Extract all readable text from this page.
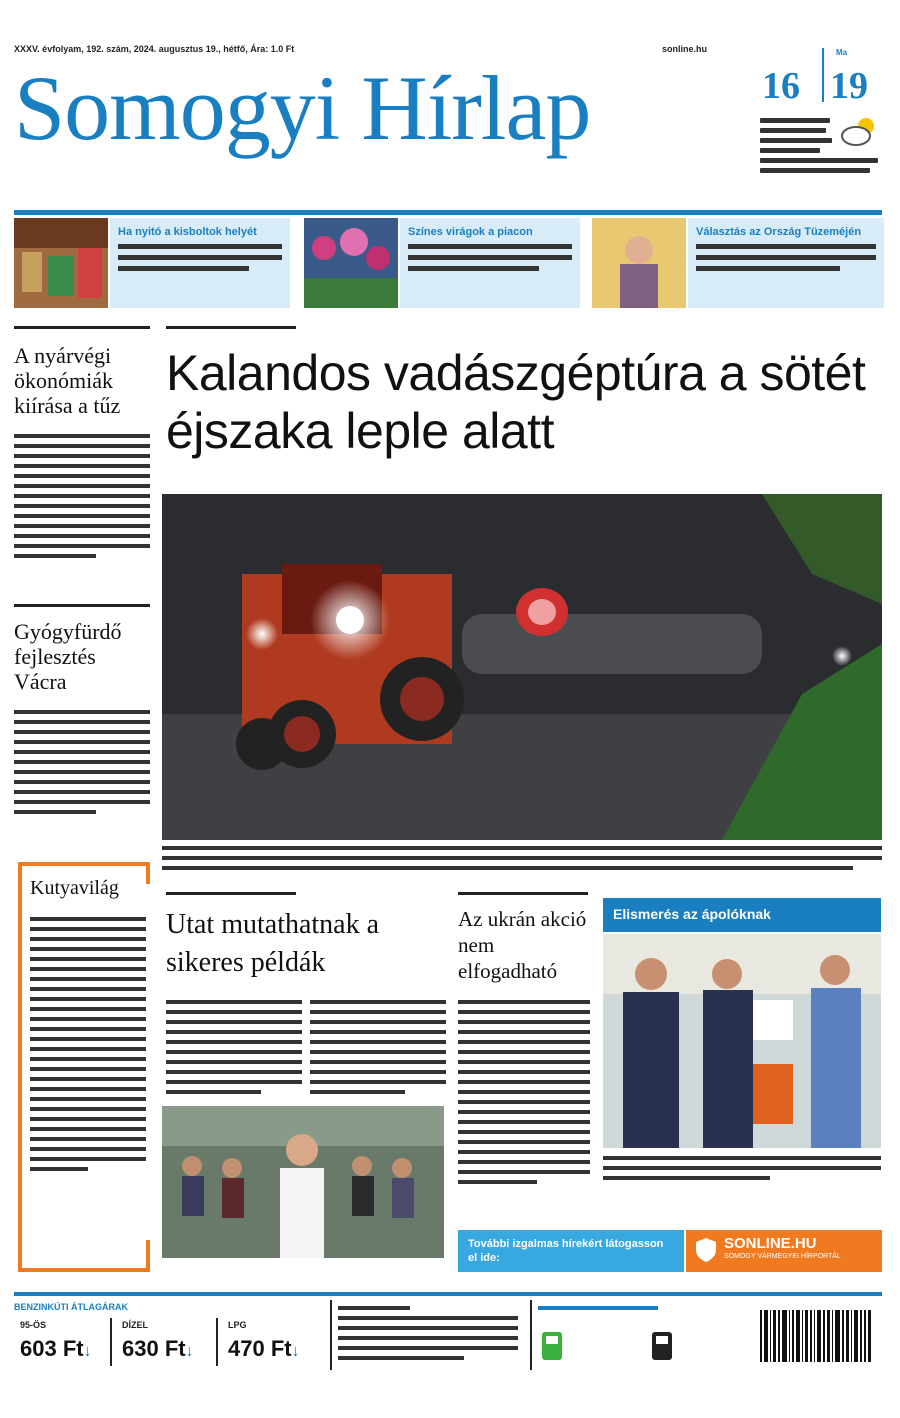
XXXV. évfolyam, 192. szám, 2024. augusztus 19., hétfő, Ára: 1.0 Ft	sonline.hu
Somogyi Hírlap
Ma
16 19
Ha nyitó a kisboltok helyét	Színes virágok a piacon	Választás az Ország Tüzeméjén
A nyárvégi ökonómiák kiírása a tűz
Gyógyfürdő fejlesztés Vácra
Kutyavilág
Kalandos vadászgéptúra a sötét éjszaka leple alatt
Utat mutathatnak a sikeres példák
Az ukrán akció nem elfogadható
Elismerés az ápolóknak
További izgalmas hírekért látogasson el ide:
SONLINE.HU
SOMOGY VÁRMEGYEI HÍRPORTÁL
BENZINKÚTI ÁTLAGÁRAK
95-ÖS
603 Ft↓
DÍZEL
630 Ft↓
LPG
470 Ft↓
